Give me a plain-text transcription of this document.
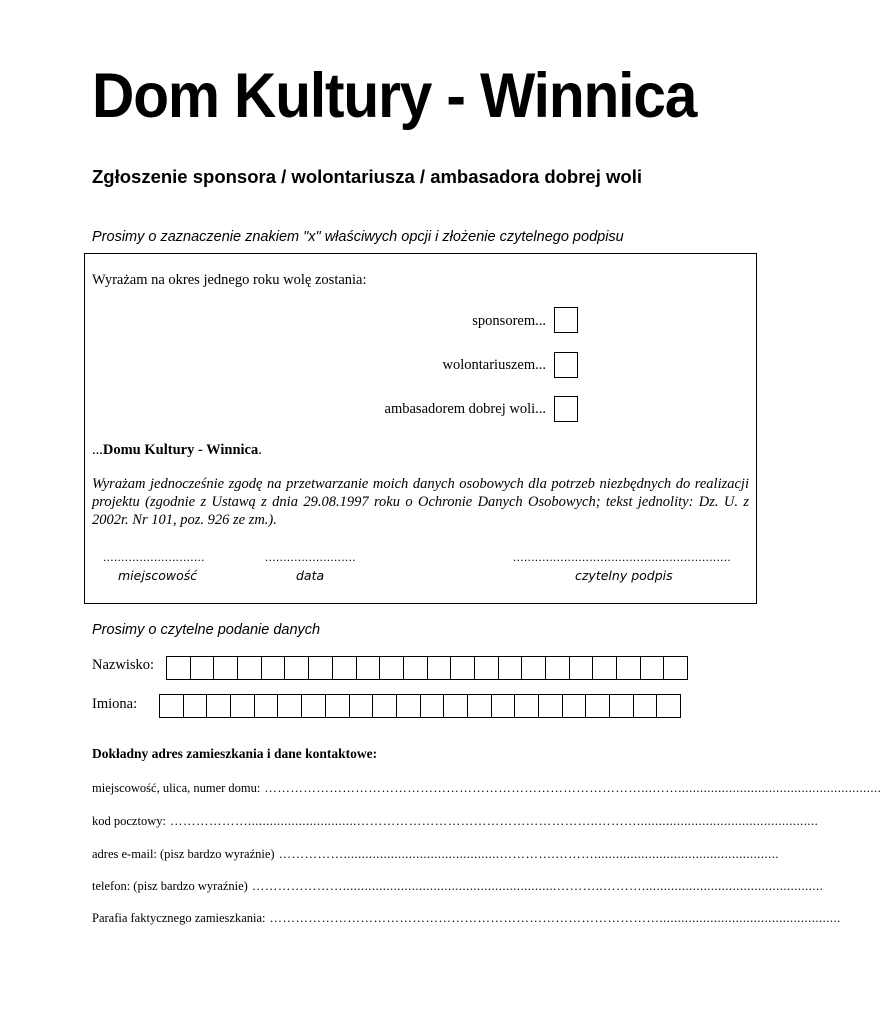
Dom Kultury - Winnica
Zgłoszenie sponsora / wolontariusza / ambasadora dobrej woli
Prosimy o zaznaczenie znakiem "x" właściwych opcji i złożenie czytelnego podpisu
Wyrażam na okres jednego roku wolę zostania:
sponsorem...
wolontariuszem...
ambasadorem dobrej woli...
...Domu Kultury - Winnica.
Wyrażam jednocześnie zgodę na przetwarzanie moich danych osobowych dla potrzeb niezbędnych do realizacji projektu (zgodnie z Ustawą z dnia 29.08.1997 roku o Ochronie Danych Osobowych; tekst jednolity: Dz. U. z 2002r. Nr 101, poz. 926 ze zm.).
............................
miejscowość
.........................
data
............................................................
czytelny podpis
Prosimy o czytelne podanie danych
Nazwisko:
Imiona:
Dokładny adres zamieszkania i dane kontaktowe:
miejscowość, ulica, numer domu: ……………………………………………………………………………...……........................................................
kod pocztowy: ………………..............................………………………………………………..………..................................................
adres e-mail: (pisz bardzo wyraźnie) ……………...........................................………….………...................................................
telefon: (pisz bardzo wyraźnie) …………………...........................................................………..………..................................................
Parafia faktycznego zamieszkania: ………………………………………………………………………………..................................................
